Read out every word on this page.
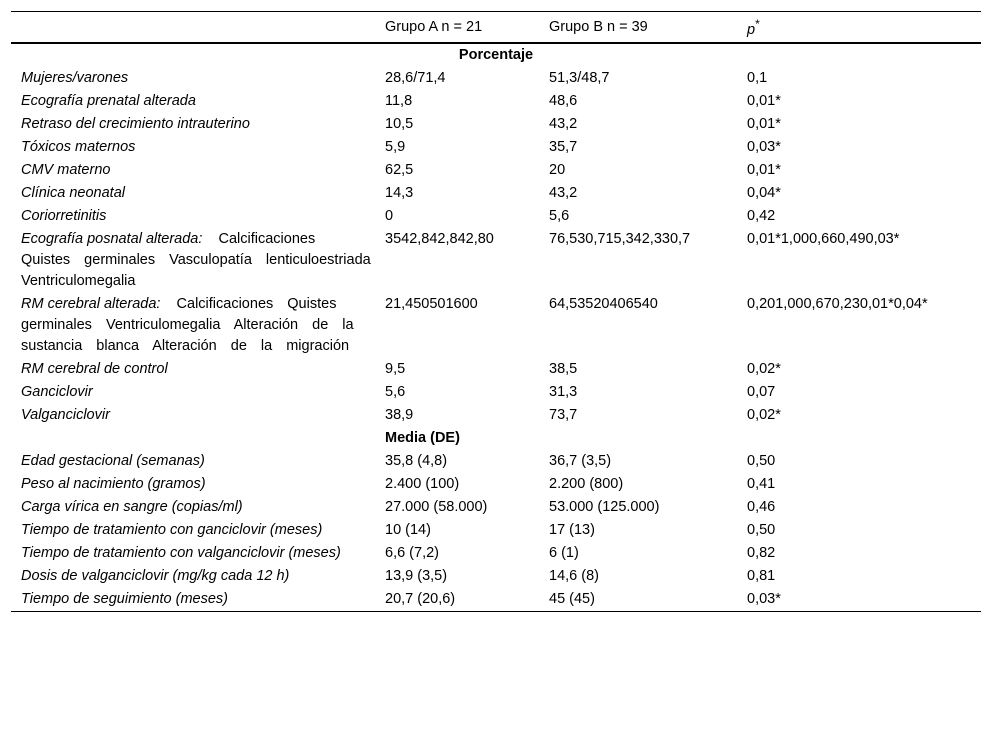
	Grupo A n = 21	Grupo B n = 39	p*
Porcentaje			
Mujeres/varones	28,6/71,4	51,3/48,7	0,1
Ecografía prenatal alterada	11,8	48,6	0,01*
Retraso del crecimiento intrauterino	10,5	43,2	0,01*
Tóxicos maternos	5,9	35,7	0,03*
CMV materno	62,5	20	0,01*
Clínica neonatal	14,3	43,2	0,04*
Coriorretinitis	0	5,6	0,42
Ecografía posnatal alterada: Calcificaciones Quistes germinales Vasculopatía lenticuloestriada Ventriculomegalia	3542,842,842,80	76,530,715,342,330,7	0,01*1,000,660,490,03*
RM cerebral alterada: Calcificaciones Quistes germinales Ventriculomegalia Alteración de la sustancia blanca Alteración de la migración	21,450501600	64,53520406540	0,201,000,670,230,01*0,04*
RM cerebral de control	9,5	38,5	0,02*
Ganciclovir	5,6	31,3	0,07
Valganciclovir	38,9	73,7	0,02*
	Media (DE)		
Edad gestacional (semanas)	35,8 (4,8)	36,7 (3,5)	0,50
Peso al nacimiento (gramos)	2.400 (100)	2.200 (800)	0,41
Carga vírica en sangre (copias/ml)	27.000 (58.000)	53.000 (125.000)	0,46
Tiempo de tratamiento con ganciclovir (meses)	10 (14)	17 (13)	0,50
Tiempo de tratamiento con valganciclovir (meses)	6,6 (7,2)	6 (1)	0,82
Dosis de valganciclovir (mg/kg cada 12 h)	13,9 (3,5)	14,6 (8)	0,81
Tiempo de seguimiento (meses)	20,7 (20,6)	45 (45)	0,03*
